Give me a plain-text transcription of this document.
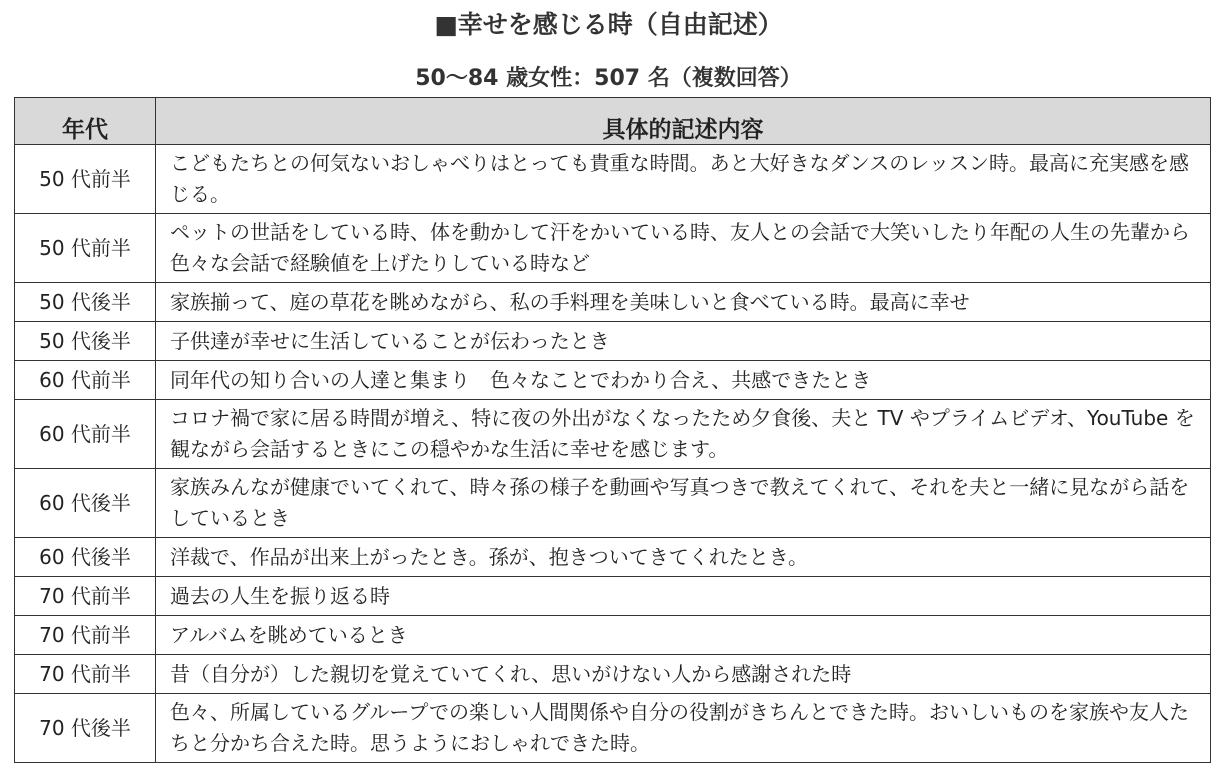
■幸せを感じる時（自由記述）
50～84 歳女性：507 名（複数回答）
年代	具体的記述内容
50 代前半	こどもたちとの何気ないおしゃべりはとっても貴重な時間。あと大好きなダンスのレッスン時。最高に充実感を感じる。
50 代前半	ペットの世話をしている時、体を動かして汗をかいている時、友人との会話で大笑いしたり年配の人生の先輩から色々な会話で経験値を上げたりしている時など
50 代後半	家族揃って、庭の草花を眺めながら、私の手料理を美味しいと食べている時。最高に幸せ
50 代後半	子供達が幸せに生活していることが伝わったとき
60 代前半	同年代の知り合いの人達と集まり　色々なことでわかり合え、共感できたとき
60 代前半	コロナ禍で家に居る時間が増え、特に夜の外出がなくなったため夕食後、夫と TV やプライムビデオ、YouTube を観ながら会話するときにこの穏やかな生活に幸せを感じます。
60 代後半	家族みんなが健康でいてくれて、時々孫の様子を動画や写真つきで教えてくれて、それを夫と一緒に見ながら話をしているとき
60 代後半	洋裁で、作品が出来上がったとき。孫が、抱きついてきてくれたとき。
70 代前半	過去の人生を振り返る時
70 代前半	アルバムを眺めているとき
70 代前半	昔（自分が）した親切を覚えていてくれ、思いがけない人から感謝された時
70 代後半	色々、所属しているグループでの楽しい人間関係や自分の役割がきちんとできた時。おいしいものを家族や友人たちと分かち合えた時。思うようにおしゃれできた時。
